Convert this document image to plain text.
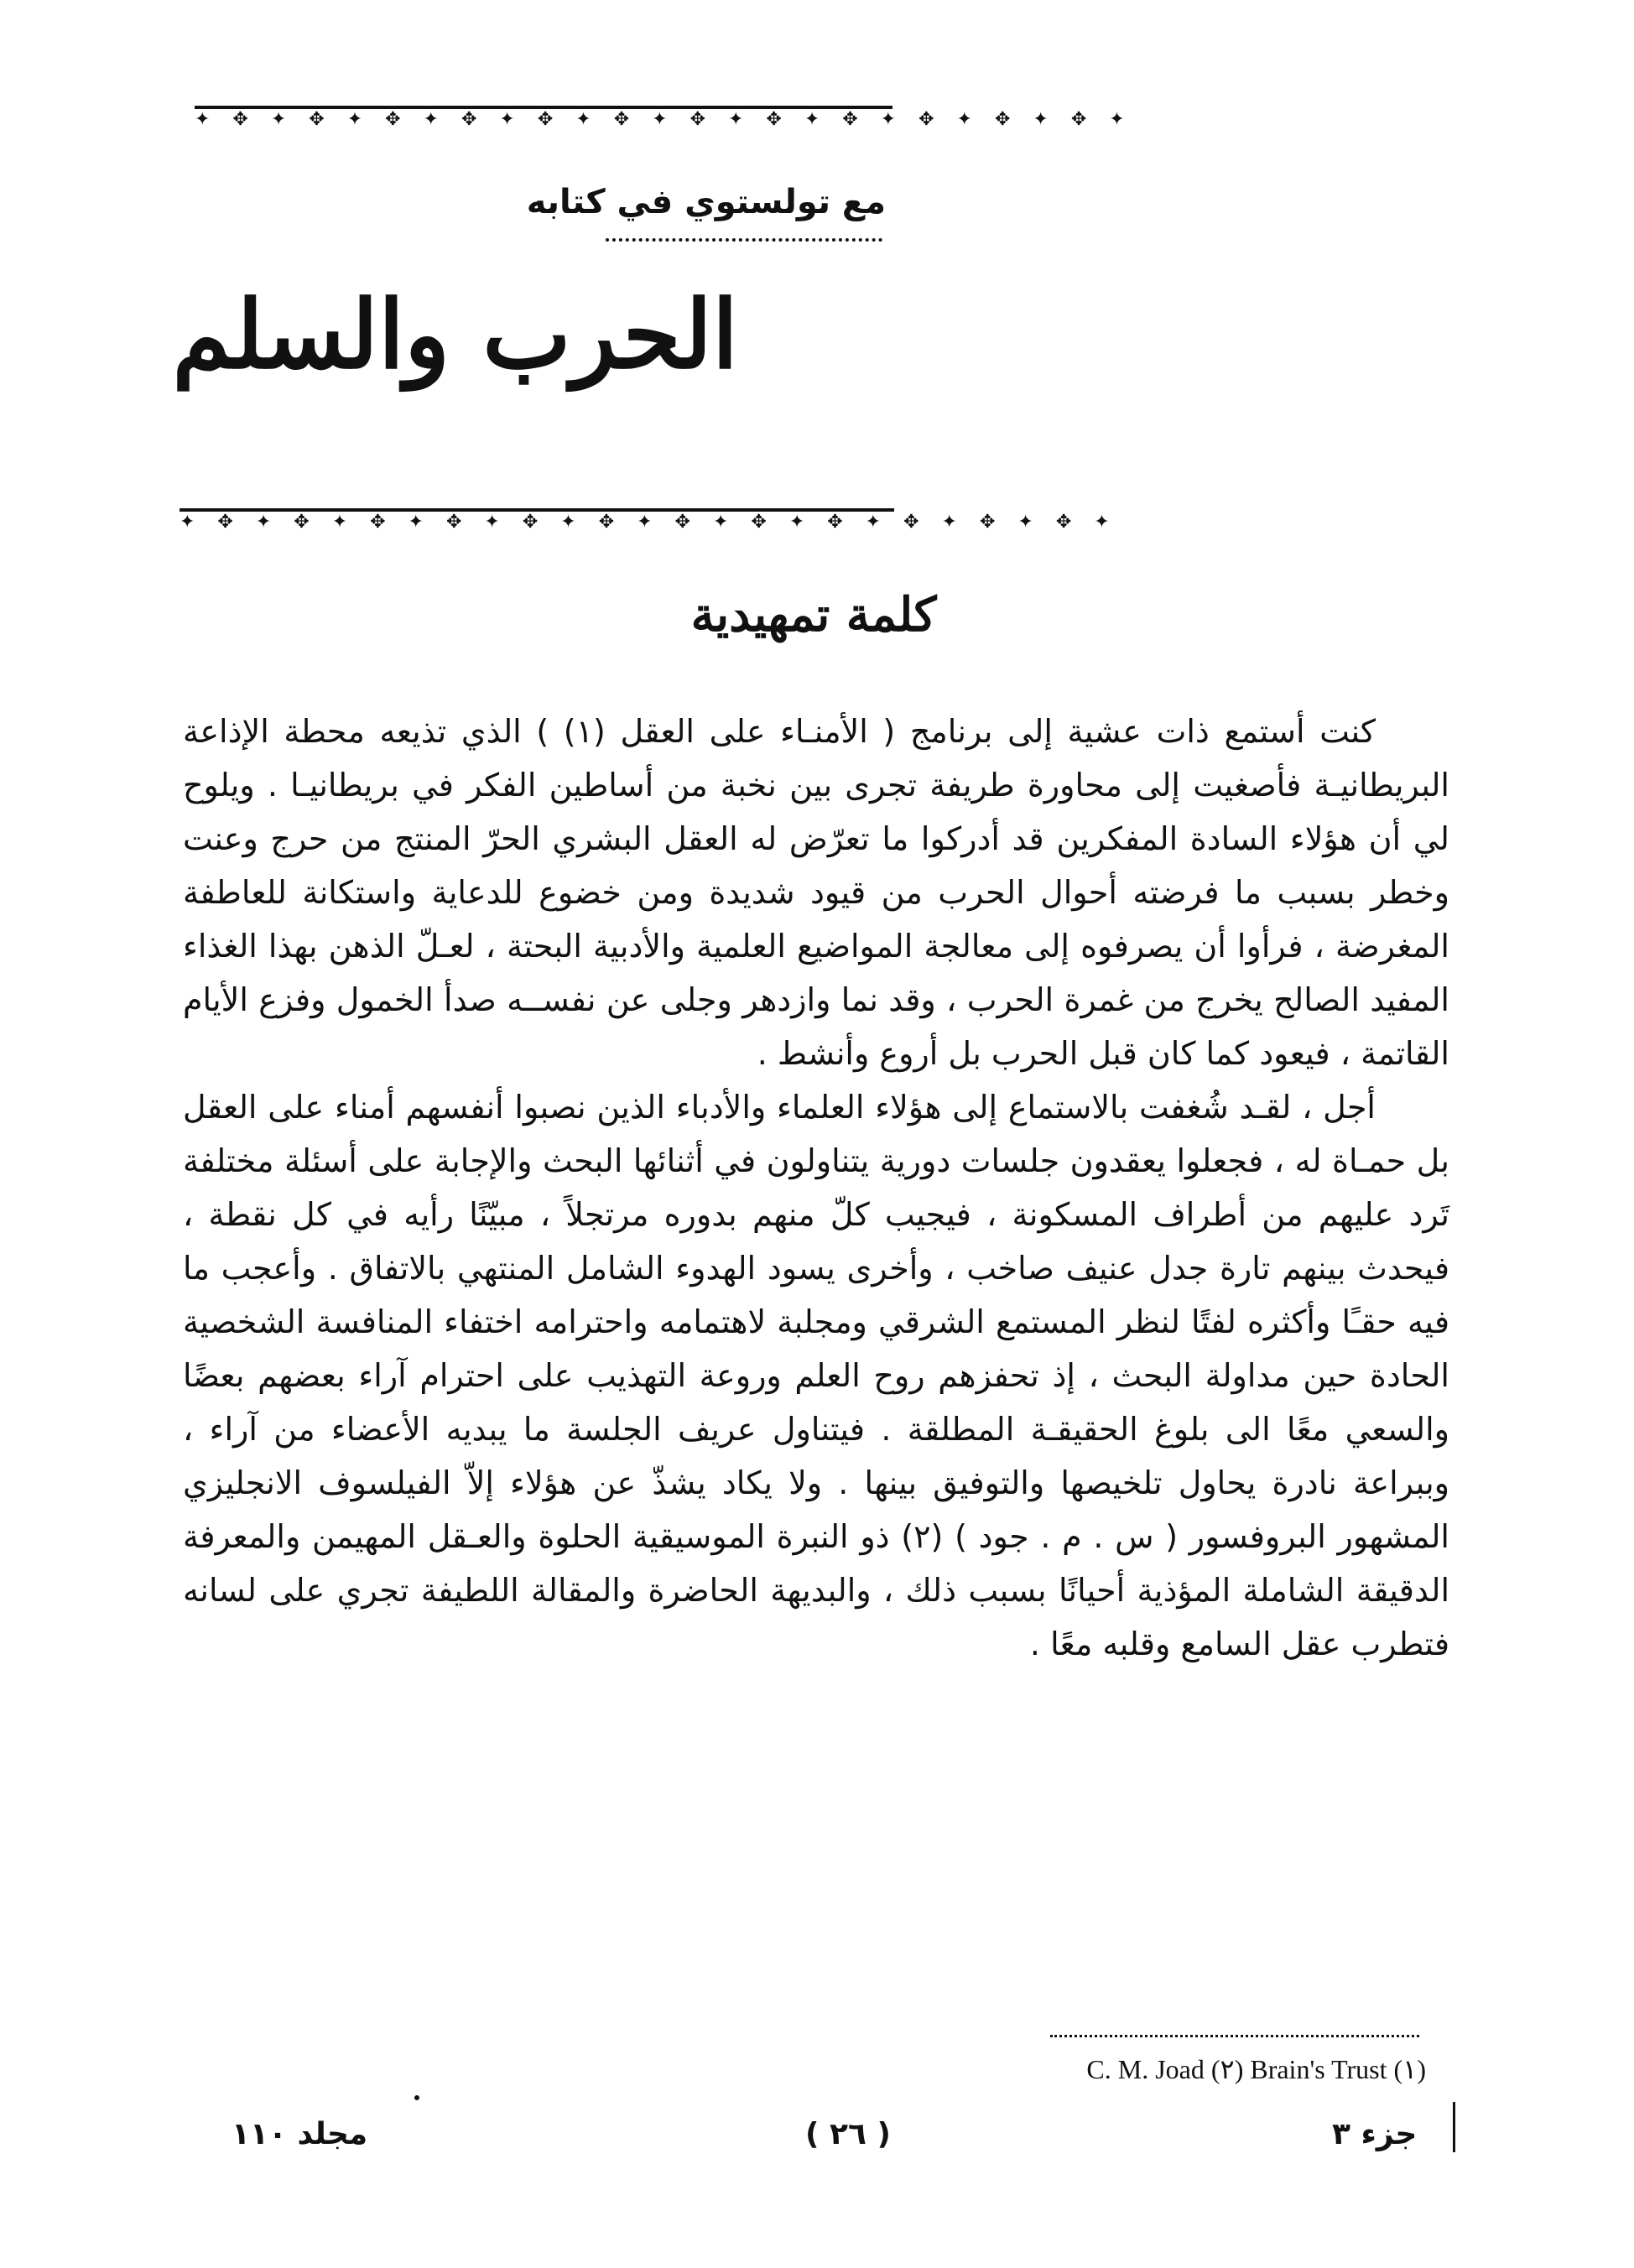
✦ ✥ ✦ ✥ ✦ ✥ ✦ ✥ ✦ ✥ ✦ ✥ ✦ ✥ ✦ ✥ ✦ ✥ ✦ ✥ ✦ ✥ ✦ ✥ ✦
مع تولستوي في كتابه
الحرب والسلم
✦ ✥ ✦ ✥ ✦ ✥ ✦ ✥ ✦ ✥ ✦ ✥ ✦ ✥ ✦ ✥ ✦ ✥ ✦ ✥ ✦ ✥ ✦ ✥ ✦
كلمة تمهيدية

كنت أستمع ذات عشية إلى برنامج ( الأمنـاء على العقل (١) ) الذي تذيعه محطة الإذاعة البريطانيـة فأصغيت إلى محاورة طريفة تجرى بين نخبة من أساطين الفكر في بريطانيـا . ويلوح لي أن هؤلاء السادة المفكرين قد أدركوا ما تعرّض له العقل البشري الحرّ المنتج من حرج وعنت وخطر بسبب ما فرضته أحوال الحرب من قيود شديدة ومن خضوع للدعاية واستكانة للعاطفة المغرضة ، فرأوا أن يصرفوه إلى معالجة المواضيع العلمية والأدبية البحتة ، لعـلّ الذهن بهذا الغذاء المفيد الصالح يخرج من غمرة الحرب ، وقد نما وازدهر وجلى عن نفســه صدأ الخمول وفزع الأيام القاتمة ، فيعود كما كان قبل الحرب بل أروع وأنشط .

أجل ، لقـد شُغفت بالاستماع إلى هؤلاء العلماء والأدباء الذين نصبوا أنفسهم أمناء على العقل بل حمـاة له ، فجعلوا يعقدون جلسات دورية يتناولون في أثنائها البحث والإجابة على أسئلة مختلفة تَرد عليهم من أطراف المسكونة ، فيجيب كلّ منهم بدوره مرتجلاً ، مبيّنًا رأيه في كل نقطة ، فيحدث بينهم تارة جدل عنيف صاخب ، وأخرى يسود الهدوء الشامل المنتهي بالاتفاق . وأعجب ما فيه حقـًا وأكثره لفتًا لنظر المستمع الشرقي ومجلبة لاهتمامه واحترامه اختفاء المنافسة الشخصية الحادة حين مداولة البحث ، إذ تحفزهم روح العلم وروعة التهذيب على احترام آراء بعضهم بعضًا والسعي معًا الى بلوغ الحقيقـة المطلقة . فيتناول عريف الجلسة ما يبديه الأعضاء من آراء ، وببراعة نادرة يحاول تلخيصها والتوفيق بينها . ولا يكاد يشذّ عن هؤلاء إلاّ الفيلسوف الانجليزي المشهور البروفسور ( س . م . جود ) (٢) ذو النبرة الموسيقية الحلوة والعـقل المهيمن والمعرفة الدقيقة الشاملة المؤذية أحيانًا بسبب ذلك ، والبديهة الحاضرة والمقالة اللطيفة تجري على لسانه فتطرب عقل السامع وقلبه معًا .

C. M. Joad (٢) Brain's Trust (١)
مجلد ١١٠	( ٢٦ )	جزء ٣
